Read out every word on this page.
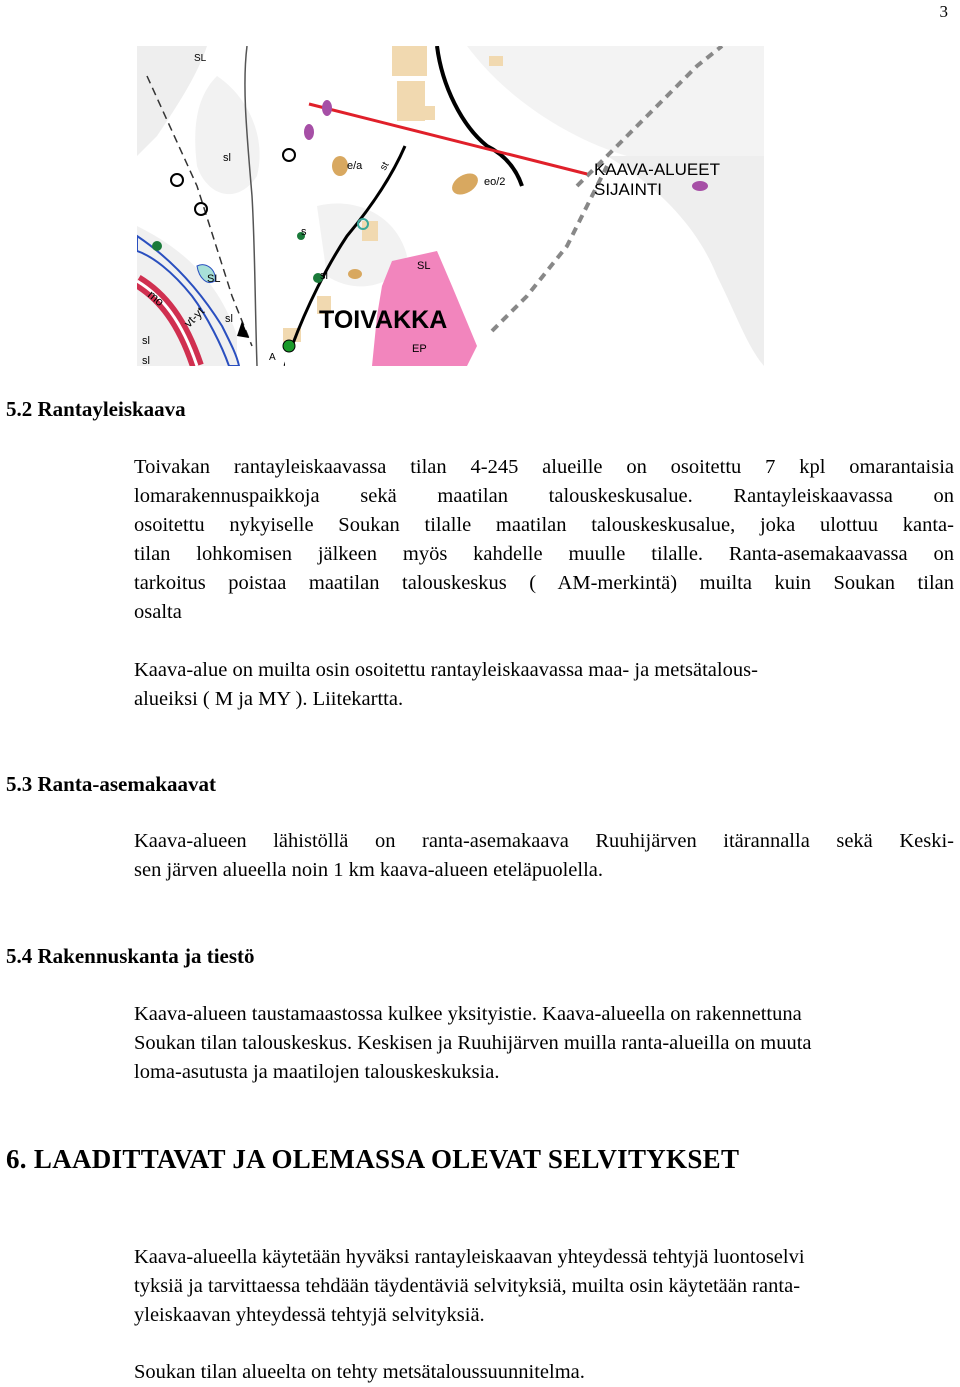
3
sl
e/a
eo/2
SL
SL
s
sl
sl
sl
sl
EP
A
st
mo
vt-yt
SL
TOIVAKKA
KAAVA-ALUEET
SIJAINTI
5.2 Rantayleiskaava
Toivakan rantayleiskaavassa tilan 4-245 alueille on osoitettu 7 kpl omarantaisia
lomarakennuspaikkoja sekä maatilan talouskeskusalue. Rantayleiskaavassa on
osoitettu nykyiselle Soukan tilalle maatilan talouskeskusalue, joka ulottuu kanta-
tilan lohkomisen jälkeen myös kahdelle muulle tilalle. Ranta-asemakaavassa on
tarkoitus poistaa maatilan talouskeskus ( AM-merkintä) muilta kuin Soukan tilan
osalta
Kaava-alue on muilta osin osoitettu rantayleiskaavassa maa- ja metsätalous-
alueiksi ( M ja MY ). Liitekartta.
5.3 Ranta-asemakaavat
Kaava-alueen lähistöllä on ranta-asemakaava Ruuhijärven itärannalla sekä Keski-
sen järven alueella noin 1 km kaava-alueen eteläpuolella.
5.4 Rakennuskanta ja tiestö
Kaava-alueen taustamaastossa kulkee yksityistie. Kaava-alueella on rakennettuna
Soukan tilan talouskeskus. Keskisen ja Ruuhijärven muilla ranta-alueilla on muuta
loma-asutusta ja maatilojen talouskeskuksia.
6. LAADITTAVAT JA OLEMASSA OLEVAT SELVITYKSET
Kaava-alueella käytetään hyväksi rantayleiskaavan yhteydessä tehtyjä luontoselvi
tyksiä ja tarvittaessa tehdään täydentäviä selvityksiä, muilta osin käytetään ranta-
yleiskaavan yhteydessä tehtyjä selvityksiä.
Soukan tilan alueelta on tehty metsätaloussuunnitelma.
